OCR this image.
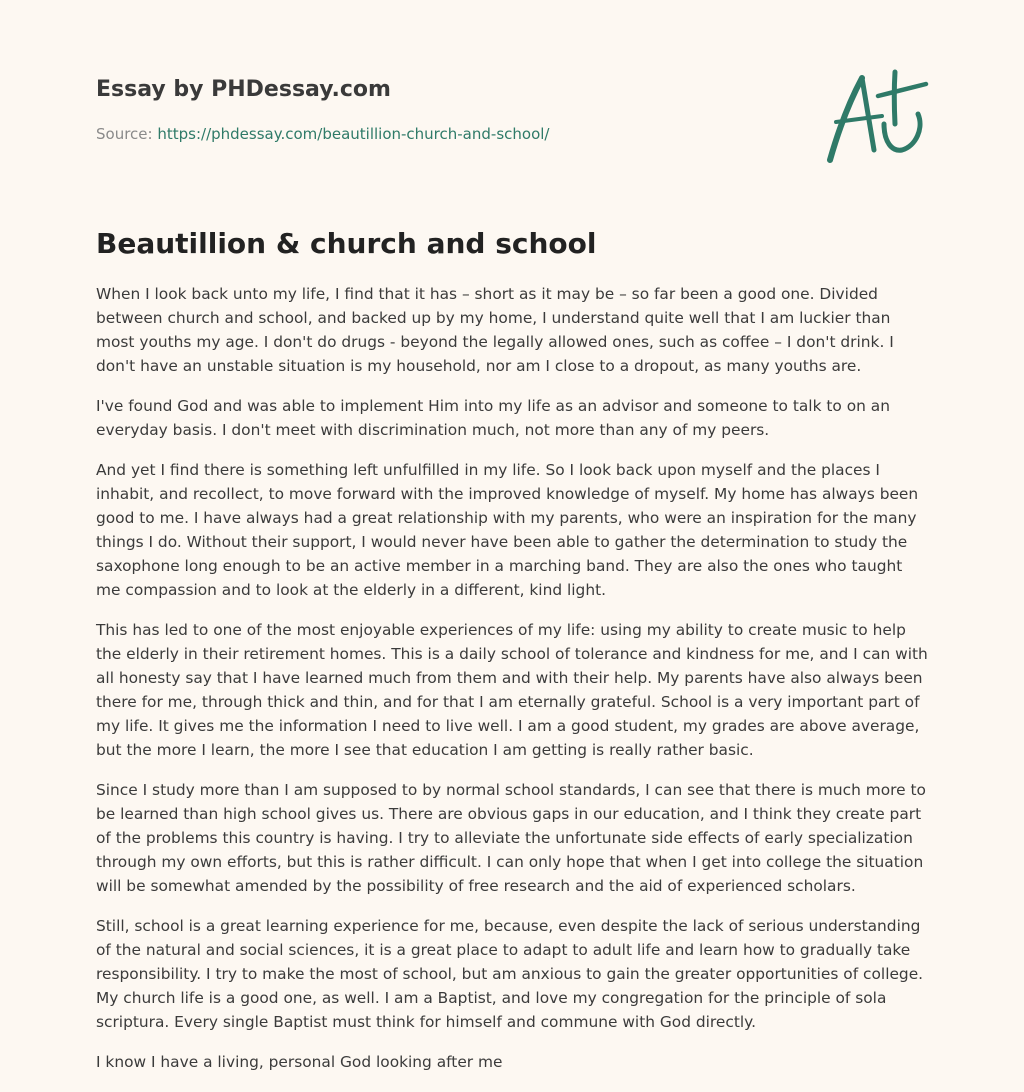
Essay by PHDessay.com
Source: https://phdessay.com/beautillion-church-and-school/
Beautillion & church and school

When I look back unto my life, I find that it has – short as it may be – so far been a good one. Divided between church and school, and backed up by my home, I understand quite well that I am luckier than most youths my age. I don't do drugs - beyond the legally allowed ones, such as coffee – I don't drink. I don't have an unstable situation is my household, nor am I close to a dropout, as many youths are.

I've found God and was able to implement Him into my life as an advisor and someone to talk to on an everyday basis. I don't meet with discrimination much, not more than any of my peers.

And yet I find there is something left unfulfilled in my life. So I look back upon myself and the places I inhabit, and recollect, to move forward with the improved knowledge of myself. My home has always been good to me. I have always had a great relationship with my parents, who were an inspiration for the many things I do. Without their support, I would never have been able to gather the determination to study the saxophone long enough to be an active member in a marching band. They are also the ones who taught me compassion and to look at the elderly in a different, kind light.

This has led to one of the most enjoyable experiences of my life: using my ability to create music to help the elderly in their retirement homes. This is a daily school of tolerance and kindness for me, and I can with all honesty say that I have learned much from them and with their help. My parents have also always been there for me, through thick and thin, and for that I am eternally grateful. School is a very important part of my life. It gives me the information I need to live well. I am a good student, my grades are above average, but the more I learn, the more I see that education I am getting is really rather basic.

Since I study more than I am supposed to by normal school standards, I can see that there is much more to be learned than high school gives us. There are obvious gaps in our education, and I think they create part of the problems this country is having. I try to alleviate the unfortunate side effects of early specialization through my own efforts, but this is rather difficult. I can only hope that when I get into college the situation will be somewhat amended by the possibility of free research and the aid of experienced scholars.

Still, school is a great learning experience for me, because, even despite the lack of serious understanding of the natural and social sciences, it is a great place to adapt to adult life and learn how to gradually take responsibility. I try to make the most of school, but am anxious to gain the greater opportunities of college. My church life is a good one, as well. I am a Baptist, and love my congregation for the principle of sola scriptura. Every single Baptist must think for himself and commune with God directly.

I know I have a living, personal God looking after me
